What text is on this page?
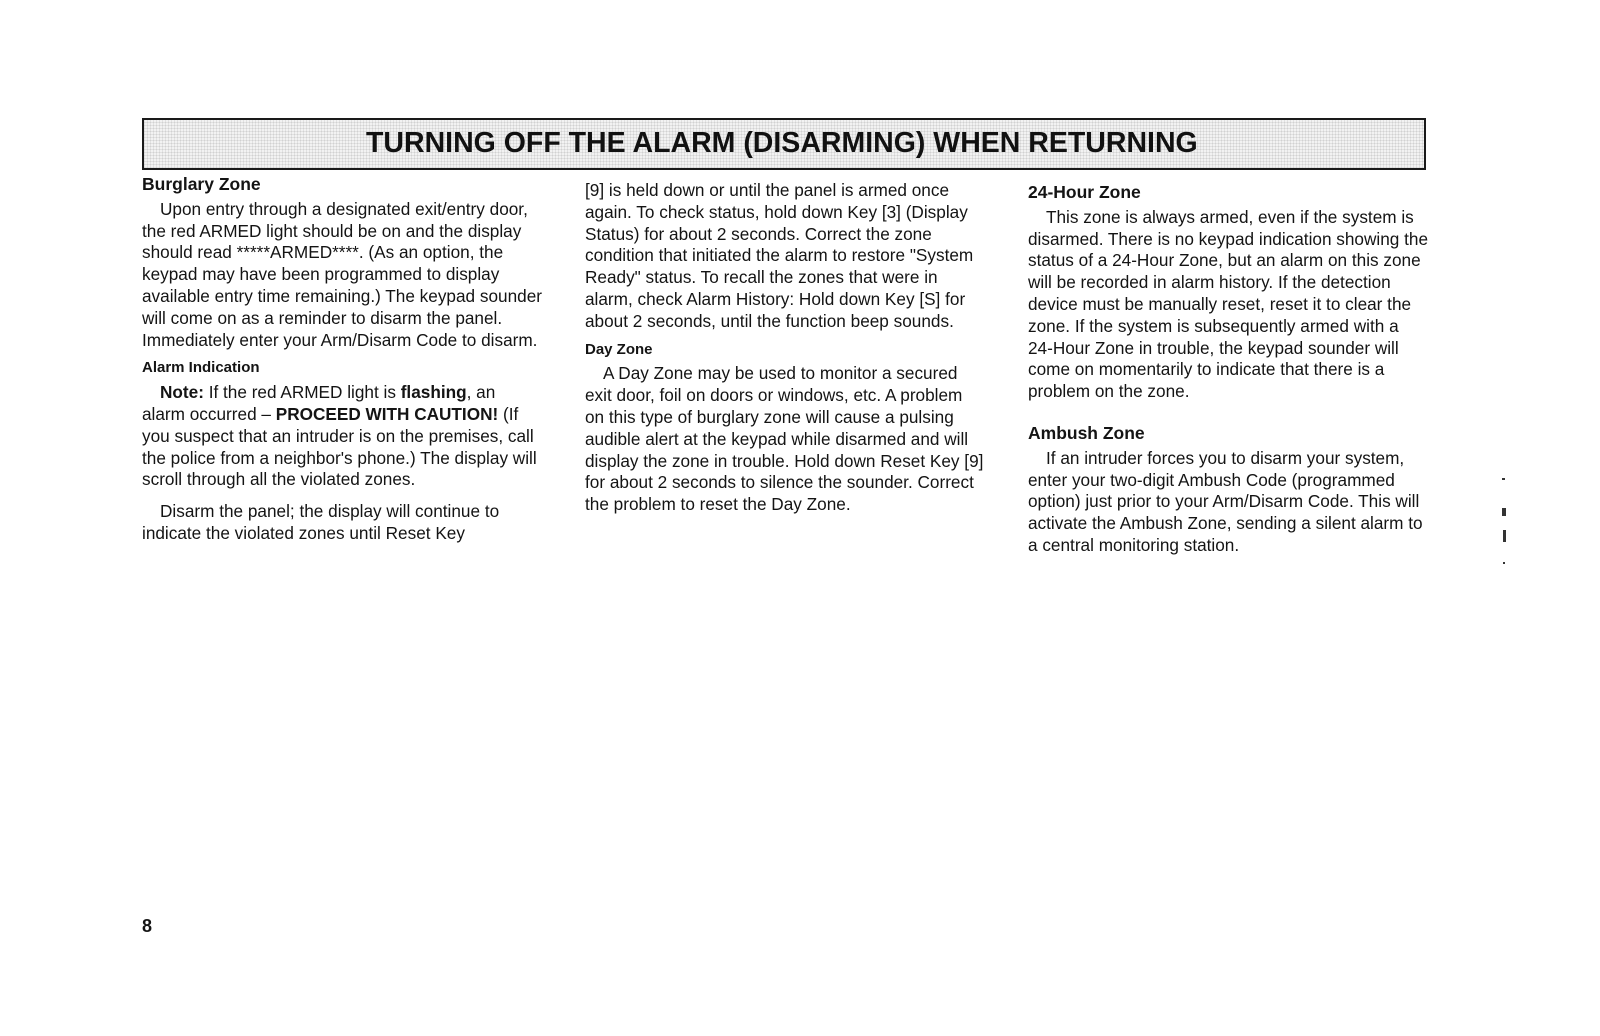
TURNING OFF THE ALARM (DISARMING) WHEN RETURNING
Burglary Zone

Upon entry through a designated exit/entry door, the red ARMED light should be on and the display should read *****ARMED****. (As an option, the keypad may have been programmed to display available entry time remaining.) The keypad sounder will come on as a reminder to disarm the panel. Immediately enter your Arm/Disarm Code to disarm.

Alarm Indication

Note: If the red ARMED light is flashing, an alarm occurred – PROCEED WITH CAUTION! (If you suspect that an intruder is on the premises, call the police from a neighbor's phone.) The display will scroll through all the violated zones.

Disarm the panel; the display will continue to indicate the violated zones until Reset Key

[9] is held down or until the panel is armed once again. To check status, hold down Key [3] (Display Status) for about 2 seconds. Correct the zone condition that initiated the alarm to restore "System Ready" status. To recall the zones that were in alarm, check Alarm History: Hold down Key [S] for about 2 seconds, until the function beep sounds.

Day Zone

A Day Zone may be used to monitor a secured exit door, foil on doors or windows, etc. A problem on this type of burglary zone will cause a pulsing audible alert at the keypad while disarmed and will display the zone in trouble. Hold down Reset Key [9] for about 2 seconds to silence the sounder. Correct the problem to reset the Day Zone.

24-Hour Zone

This zone is always armed, even if the system is disarmed. There is no keypad indication showing the status of a 24-Hour Zone, but an alarm on this zone will be recorded in alarm history. If the detection device must be manually reset, reset it to clear the zone. If the system is subsequently armed with a 24-Hour Zone in trouble, the keypad sounder will come on momentarily to indicate that there is a problem on the zone.

Ambush Zone

If an intruder forces you to disarm your system, enter your two-digit Ambush Code (programmed option) just prior to your Arm/Disarm Code. This will activate the Ambush Zone, sending a silent alarm to a central monitoring station.

8
